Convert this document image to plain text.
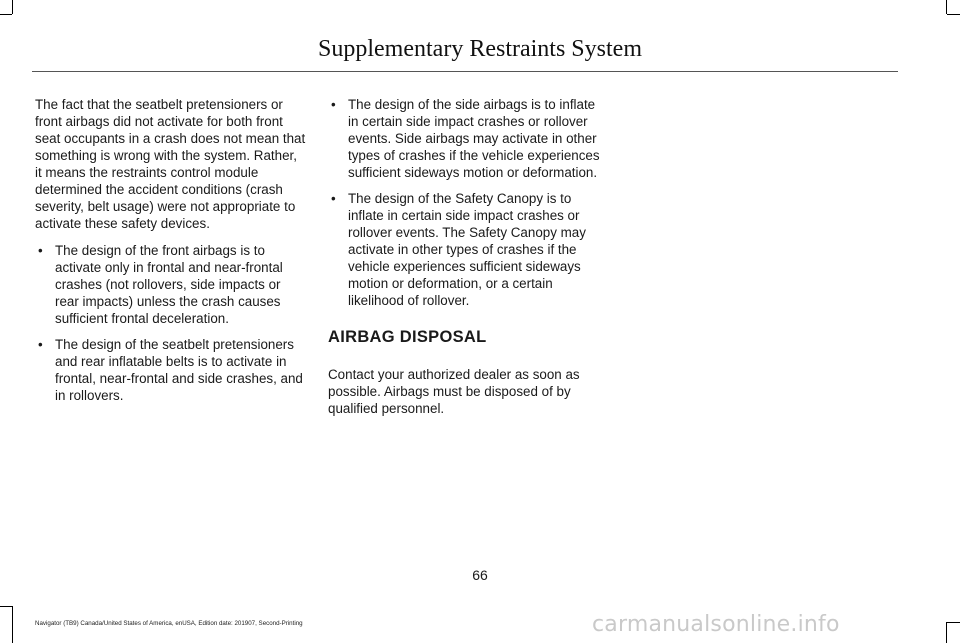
Supplementary Restraints System

The fact that the seatbelt pretensioners or front airbags did not activate for both front seat occupants in a crash does not mean that something is wrong with the system. Rather, it means the restraints control module determined the accident conditions (crash severity, belt usage) were not appropriate to activate these safety devices.

• The design of the front airbags is to activate only in frontal and near-frontal crashes (not rollovers, side impacts or rear impacts) unless the crash causes sufficient frontal deceleration.
• The design of the seatbelt pretensioners and rear inflatable belts is to activate in frontal, near-frontal and side crashes, and in rollovers.
• The design of the side airbags is to inflate in certain side impact crashes or rollover events. Side airbags may activate in other types of crashes if the vehicle experiences sufficient sideways motion or deformation.
• The design of the Safety Canopy is to inflate in certain side impact crashes or rollover events. The Safety Canopy may activate in other types of crashes if the vehicle experiences sufficient sideways motion or deformation, or a certain likelihood of rollover.
AIRBAG DISPOSAL

Contact your authorized dealer as soon as possible. Airbags must be disposed of by qualified personnel.

66
Navigator (TB9) Canada/United States of America, enUSA, Edition date: 201907, Second-Printing	carmanualsonline.info
